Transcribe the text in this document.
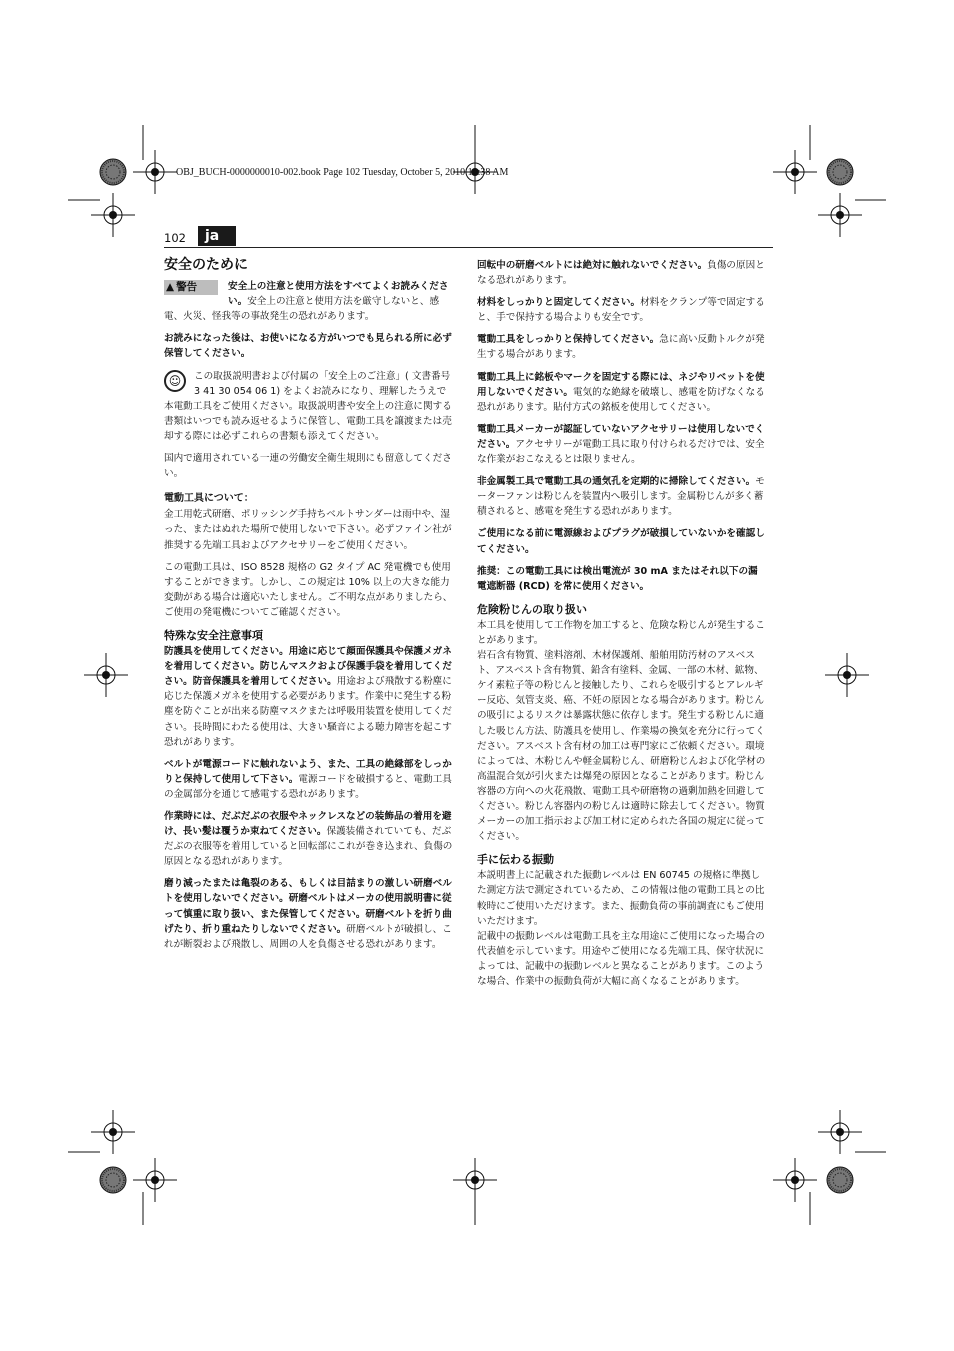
OBJ_BUCH-0000000010-002.book Page 102 Tuesday, October 5, 2010 10:38 AM
102	ja
安全のために

▲ 警告	安全上の注意と使用方法をすべてよくお読みください。安全上の注意と使用方法を厳守しないと、感電、火災、怪我等の事故発生の恐れがあります。

お読みになった後は、お使いになる方がいつでも見られる所に必ず保管してください。

☺	この取扱説明書および付属の「安全上のご注意」( 文書番号 3 41 30 054 06 1) をよくお読みになり、理解したうえで本電動工具をご使用ください。取扱説明書や安全上の注意に関する書類はいつでも読み返せるように保管し、電動工具を譲渡または売却する際には必ずこれらの書類も添えてください。

国内で適用されている一連の労働安全衛生規則にも留意してください。

電動工具について：

金工用乾式研磨、ポリッシング手持ちベルトサンダーは雨中や、湿った、またはぬれた場所で使用しないで下さい。必ずファイン社が推奨する先端工具およびアクセサリーをご使用ください。

この電動工具は、ISO 8528 規格の G2 タイプ AC 発電機でも使用することができます。しかし、この規定は 10% 以上の大きな能力変動がある場合は適応いたしません。ご不明な点がありましたら、ご使用の発電機についてご確認ください。

特殊な安全注意事項

防護具を使用してください。用途に応じて顔面保護具や保護メガネを着用してください。防じんマスクおよび保護手袋を着用してください。防音保護具を着用してください。用途および飛散する粉塵に応じた保護メガネを使用する必要があります。作業中に発生する粉塵を防ぐことが出来る防塵マスクまたは呼吸用装置を使用してください。長時間にわたる使用は、大きい騒音による聴力障害を起こす恐れがあります。

ベルトが電源コードに触れないよう、また、工具の絶縁部をしっかりと保持して使用して下さい。電源コードを破損すると、電動工具の金属部分を通じて感電する恐れがあります。

作業時には、だぶだぶの衣服やネックレスなどの装飾品の着用を避け、長い髪は覆うか束ねてください。保護装備されていても、だぶだぶの衣服等を着用していると回転部にこれが巻き込まれ、負傷の原因となる恐れがあります。

磨り減ったまたは亀裂のある、もしくは目詰まりの激しい研磨ベルトを使用しないでください。研磨ベルトはメーカの使用説明書に従って慎重に取り扱い、また保管してください。研磨ベルトを折り曲げたり、折り重ねたりしないでください。研磨ベルトが破損し、これが断裂および飛散し、周囲の人を負傷させる恐れがあります。

回転中の研磨ベルトには絶対に触れないでください。負傷の原因となる恐れがあります。

材料をしっかりと固定してください。材料をクランプ等で固定すると、手で保持する場合よりも安全です。

電動工具をしっかりと保持してください。急に高い反動トルクが発生する場合があります。

電動工具上に銘板やマークを固定する際には、ネジやリベットを使用しないでください。電気的な絶縁を破壊し、感電を防げなくなる恐れがあります。貼付方式の銘板を使用してください。

電動工具メーカーが認証していないアクセサリーは使用しないでください。アクセサリーが電動工具に取り付けられるだけでは、安全な作業がおこなえるとは限りません。

非金属製工具で電動工具の通気孔を定期的に掃除してください。モーターファンは粉じんを装置内へ吸引します。金属粉じんが多く蓄積されると、感電を発生する恐れがあります。

ご使用になる前に電源線およびプラグが破損していないかを確認してください。

推奨：この電動工具には検出電流が 30 mA またはそれ以下の漏電遮断器 (RCD) を常に使用ください。

危険粉じんの取り扱い

本工具を使用して工作物を加工すると、危険な粉じんが発生することがあります。

岩石含有物質、塗料溶剤、木材保護剤、船舶用防汚材のアスベスト、アスベスト含有物質、鉛含有塗料、金属、一部の木材、鉱物、ケイ素粒子等の粉じんと接触したり、これらを吸引するとアレルギー反応、気管支炎、癌、不妊の原因となる場合があります。粉じんの吸引によるリスクは暴露状態に依存します。発生する粉じんに適した吸じん方法、防護具を使用し、作業場の換気を充分に行ってください。アスベスト含有材の加工は専門家にご依頼ください。環境によっては、木粉じんや軽金属粉じん、研磨粉じんおよび化学材の高温混合気が引火または爆発の原因となることがあります。粉じん容器の方向への火花飛散、電動工具や研磨物の過剰加熱を回避してください。粉じん容器内の粉じんは適時に除去してください。物質メーカーの加工指示および加工材に定められた各国の規定に従ってください。

手に伝わる振動

本説明書上に記載された振動レベルは EN 60745 の規格に準拠した測定方法で測定されているため、この情報は他の電動工具との比較時にご使用いただけます。また、振動負荷の事前調査にもご使用いただけます。

記載中の振動レベルは電動工具を主な用途にご使用になった場合の代表値を示しています。用途やご使用になる先端工具、保守状況によっては、記載中の振動レベルと異なることがあります。このような場合、作業中の振動負荷が大幅に高くなることがあります。
